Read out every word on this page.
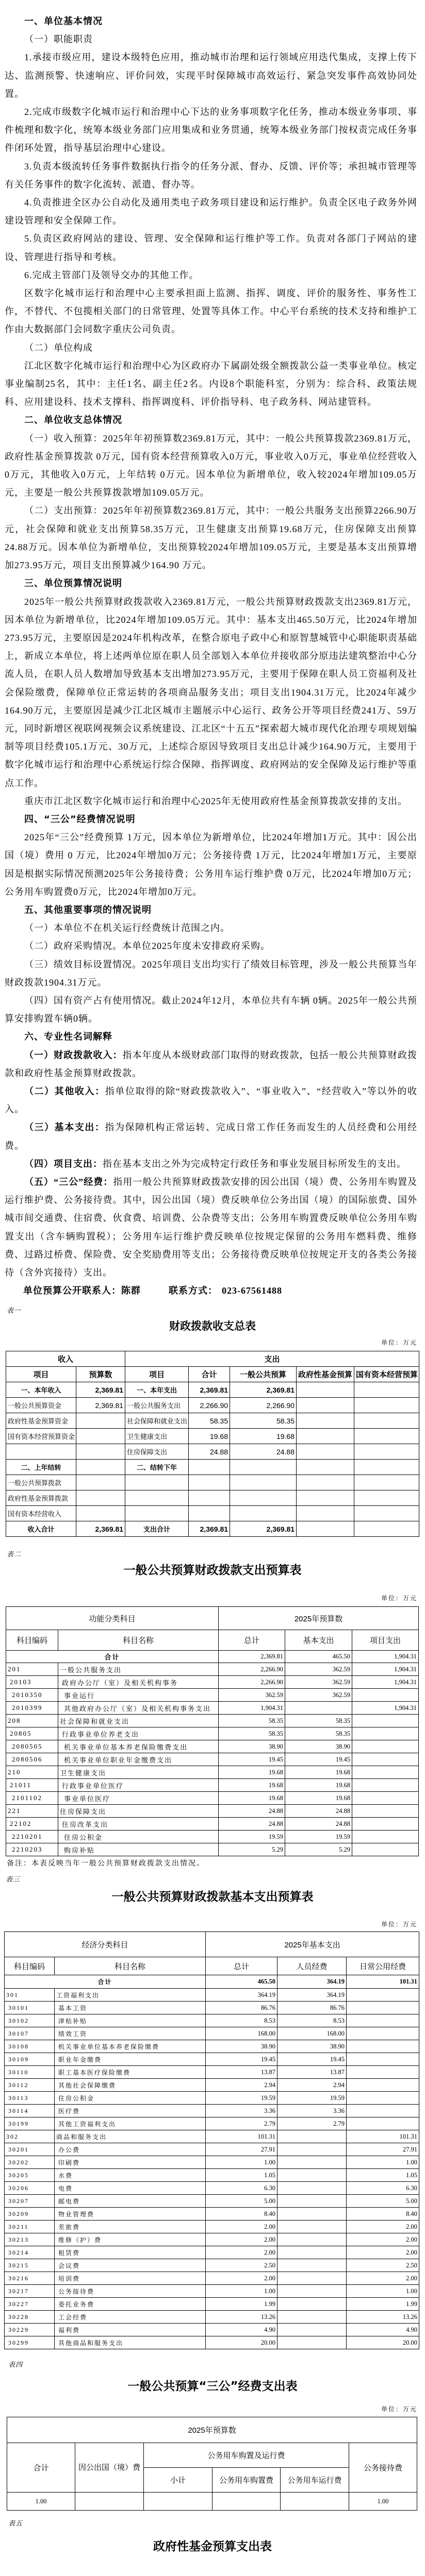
一、单位基本情况

（一）职能职责

1.承接市级应用，建设本级特色应用，推动城市治理和运行领域应用迭代集成，支撑上传下达、监测预警、快速响应、评价问效，实现平时保障城市高效运行、紧急突发事件高效协同处置。

2.完成市级数字化城市运行和治理中心下达的业务事项数字化任务，推动本级业务事项、事件梳理和数字化，统筹本级业务部门应用集成和业务贯通，统筹本级业务部门按权责完成任务事件闭环处置，指导基层治理中心建设。

3.负责本级流转任务事件数据执行指令的任务分派、督办、反馈、评价等；承担城市管理等有关任务事件的数字化流转、派遣、督办等。

4.负责推进全区办公自动化及通用类电子政务项目建设和运行维护。负责全区电子政务外网建设管理和安全保障工作。

5.负责区政府网站的建设、管理、安全保障和运行维护等工作。负责对各部门子网站的建设、管理进行指导和考核。

6.完成主管部门及领导交办的其他工作。

区数字化城市运行和治理中心主要承担面上监测、指挥、调度、评价的服务性、事务性工作，不替代、不包揽相关部门的日常管理、处置等具体工作。中心平台系统的技术支持和维护工作由大数据部门会同数字重庆公司负责。

（二）单位构成

江北区数字化城市运行和治理中心为区政府办下属副处级全额拨款公益一类事业单位。核定事业编制25名，其中：主任1名、副主任2名。内设8个职能科室，分别为：综合科、政策法规科、应用建设科、技术支撑科、指挥调度科、评价指导科、电子政务科、网站建管科。

二、单位收支总体情况

（一）收入预算：2025年年初预算数2369.81万元，其中：一般公共预算拨款2369.81万元，政府性基金预算拨款 0万元，国有资本经营预算收入0万元，事业收入0万元，事业单位经营收入0万元，其他收入0万元，上年结转 0万元。因本单位为新增单位，收入较2024年增加109.05万元，主要是一般公共预算拨款增加109.05万元。

（二）支出预算：2025年年初预算数2369.81万元，其中：一般公共服务支出预算2266.90万元，社会保障和就业支出预算58.35万元，卫生健康支出预算19.68万元，住房保障支出预算24.88万元。因本单位为新增单位，支出预算较2024年增加109.05万元，主要是基本支出预算增加273.95万元，项目支出预算减少164.90 万元。

三、单位预算情况说明

2025年一般公共预算财政拨款收入2369.81万元，一般公共预算财政拨款支出2369.81万元，因本单位为新增单位，比2024年增加109.05万元。其中：基本支出465.50万元，比2024年增加273.95万元，主要原因是2024年机构改革，在整合原电子政中心和原智慧城管中心职能职责基础上，新成立本单位，将上述两单位原在职人员全部划入本单位并接收部分原违法建筑整治中心分流人员，在职人员人数增加导致基本支出增加273.95万元，主要用于保障在职人员工资福利及社会保险缴费，保障单位正常运转的各项商品服务支出；项目支出1904.31万元，比2024年减少164.90万元，主要原因是减少江北区城市主题展示中心运行、政务公开等项目经费241万、59万元，同时新增区视联网视频会议系统建设、江北区“十五五”探索超大城市现代化治理专项规划编制等项目经费105.1万元、30万元，上述综合原因导致项目支出总计减少164.90万元，主要用于数字化城市运行和治理中心系统运行综合保障、指挥调度、政府网站的安全保障及运行维护等重点工作。

重庆市江北区数字化城市运行和治理中心2025年无使用政府性基金预算拨款安排的支出。

四、“三公”经费情况说明

2025年“三公”经费预算 1万元，因本单位为新增单位，比2024年增加1万元。其中：因公出国（境）费用 0 万元，比2024年增加0万元；公务接待费 1万元，比2024年增加1万元，主要原因是根据实际情况预测2025年公务接待费；公务用车运行维护费 0万元，比2024年增加0万元；公务用车购置费0万元，比2024年增加0万元。

五、其他重要事项的情况说明

（一）本单位不在机关运行经费统计范围之内。

（二）政府采购情况。本单位2025年度未安排政府采购。

（三）绩效目标设置情况。2025年项目支出均实行了绩效目标管理，涉及一般公共预算当年财政拨款1904.31万元。

（四）国有资产占有使用情况。截止2024年12月，本单位共有车辆 0辆。2025年一般公共预算安排购置车辆0辆。

六、专业性名词解释

（一）财政拨款收入：指本年度从本级财政部门取得的财政拨款，包括一般公共预算财政拨款和政府性基金预算财政拨款。

（二）其他收入：指单位取得的除“财政拨款收入”、“事业收入”、“经营收入”等以外的收入。

（三）基本支出：指为保障机构正常运转、完成日常工作任务而发生的人员经费和公用经费。

（四）项目支出：指在基本支出之外为完成特定行政任务和事业发展目标所发生的支出。

（五）“三公”经费：指用一般公共预算财政拨款安排的因公出国（境）费、公务用车购置及运行维护费、公务接待费。其中，因公出国（境）费反映单位公务出国（境）的国际旅费、国外城市间交通费、住宿费、伙食费、培训费、公杂费等支出；公务用车购置费反映单位公务用车购置支出（含车辆购置税）；公务用车运行维护费反映单位按规定保留的公务用车燃料费、维修费、过路过桥费、保险费、安全奖励费用等支出；公务接待费反映单位按规定开支的各类公务接待（含外宾接待）支出。

单位预算公开联系人：陈群	联系方式： 023-67561488

表一
财政拨款收支总表
单位：万元
收入		支出				
项目	预算数	项目	合计	一般公共预算	政府性基金预算	国有资本经营预算
一、本年收入	2,369.81	一、本年支出	2,369.81	2,369.81		
一般公共预算资金	2,369.81	一般公共服务支出	2,266.90	2,266.90		
政府性基金预算资金		社会保障和就业支出	58.35	58.35		
国有资本经营预算资金		卫生健康支出	19.68	19.68		
		住房保障支出	24.88	24.88		
二、上年结转		二、结转下年				
一般公共预算拨款						
政府性基金预算拨款						
国有资本经营收入						
收入合计	2,369.81	支出合计	2,369.81	2,369.81		
表二
一般公共预算财政拨款支出预算表
单位：万元
功能分类科目		2025年预算数		
科目编码	科目名称	总计	基本支出	项目支出
合计		2,369.81	465.50	1,904.31
201	一般公共服务支出	2,266.90	362.59	1,904.31
20103	政府办公厅（室）及相关机构事务	2,266.90	362.59	1,904.31
2010350	事业运行	362.59	362.59	
2010399	其他政府办公厅（室）及相关机构事务支出	1,904.31		1,904.31
208	社会保障和就业支出	58.35	58.35	
20805	行政事业单位养老支出	58.35	58.35	
2080505	机关事业单位基本养老保险缴费支出	38.90	38.90	
2080506	机关事业单位职业年金缴费支出	19.45	19.45	
210	卫生健康支出	19.68	19.68	
21011	行政事业单位医疗	19.68	19.68	
2101102	事业单位医疗	19.68	19.68	
221	住房保障支出	24.88	24.88	
22102	住房改革支出	24.88	24.88	
2210201	住房公积金	19.59	19.59	
2210203	购房补贴	5.29	5.29	
备注：本表反映当年一般公共预算财政拨款支出情况。
表三
一般公共预算财政拨款基本支出预算表
单位：万元
经济分类科目		2025年基本支出		
科目编码	科目名称	总计	人员经费	日常公用经费
合计		465.50	364.19	101.31
301	工资福利支出	364.19	364.19	
30101	基本工资	86.76	86.76	
30102	津贴补贴	8.53	8.53	
30107	绩效工资	168.00	168.00	
30108	机关事业单位基本养老保险缴费	38.90	38.90	
30109	职业年金缴费	19.45	19.45	
30110	职工基本医疗保险缴费	13.87	13.87	
30112	其他社会保障缴费	2.94	2.94	
30113	住房公积金	19.59	19.59	
30114	医疗费	3.36	3.36	
30199	其他工资福利支出	2.79	2.79	
302	商品和服务支出	101.31		101.31
30201	办公费	27.91		27.91
30202	印刷费	1.00		1.00
30205	水费	1.05		1.05
30206	电费	6.30		6.30
30207	邮电费	5.00		5.00
30209	物业管理费	8.40		8.40
30211	差旅费	2.00		2.00
30213	维修（护）费	2.00		2.00
30214	租赁费	2.00		2.00
30215	会议费	2.50		2.50
30216	培训费	2.00		2.00
30217	公务接待费	1.00		1.00
30227	委托业务费	1.99		1.99
30228	工会经费	13.26		13.26
30229	福利费	4.90		4.90
30299	其他商品和服务支出	20.00		20.00
表四
一般公共预算“三公”经费支出表
单位：万元
2025年预算数					
合计	因公出国（境）费	公务用车购置及运行费			公务接待费
		小计	公务用车购置费	公务用车运行费	
1.00					1.00
表五
政府性基金预算支出表
